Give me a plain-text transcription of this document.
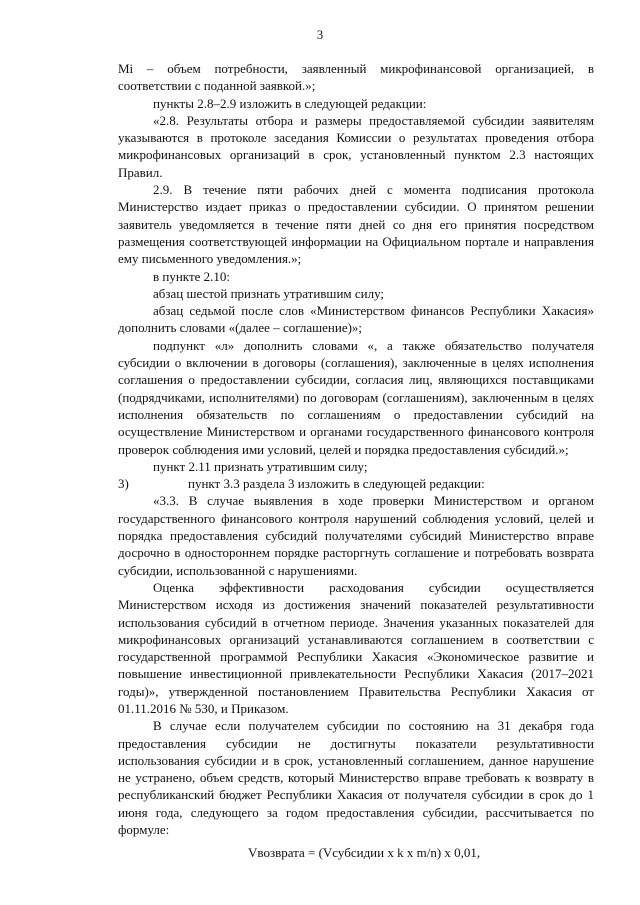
3

Mi – объем потребности, заявленный микрофинансовой организацией, в соответствии с поданной заявкой.»;

пункты 2.8–2.9 изложить в следующей редакции:

«2.8. Результаты отбора и размеры предоставляемой субсидии заявителям указываются в протоколе заседания Комиссии о результатах проведения отбора микрофинансовых организаций в срок, установленный пунктом 2.3 настоящих Правил.

2.9. В течение пяти рабочих дней с момента подписания протокола Министерство издает приказ о предоставлении субсидии. О принятом решении заявитель уведомляется в течение пяти дней со дня его принятия посредством размещения соответствующей информации на Официальном портале и направления ему письменного уведомления.»;

в пункте 2.10:

абзац шестой признать утратившим силу;

абзац седьмой после слов «Министерством финансов Республики Хакасия» дополнить словами «(далее – соглашение)»;

подпункт «л» дополнить словами «, а также обязательство получателя субсидии о включении в договоры (соглашения), заключенные в целях исполнения соглашения о предоставлении субсидии, согласия лиц, являющихся поставщиками (подрядчиками, исполнителями) по договорам (соглашениям), заключенным в целях исполнения обязательств по соглашениям о предоставлении субсидий на осуществление Министерством и органами государственного финансового контроля проверок соблюдения ими условий, целей и порядка предоставления субсидий.»;

пункт 2.11 признать утратившим силу;

3)	пункт 3.3 раздела 3 изложить в следующей редакции:

«3.3. В случае выявления в ходе проверки Министерством и органом государственного финансового контроля нарушений соблюдения условий, целей и порядка предоставления субсидий получателями субсидий Министерство вправе досрочно в одностороннем порядке расторгнуть соглашение и потребовать возврата субсидии, использованной с нарушениями.

Оценка эффективности расходования субсидии осуществляется Министерством исходя из достижения значений показателей результативности использования субсидий в отчетном периоде. Значения указанных показателей для микрофинансовых организаций устанавливаются соглашением в соответствии с государственной программой Республики Хакасия «Экономическое развитие и повышение инвестиционной привлекательности Республики Хакасия (2017–2021 годы)», утвержденной постановлением Правительства Республики Хакасия от 01.11.2016 № 530, и Приказом.

В случае если получателем субсидии по состоянию на 31 декабря года предоставления субсидии не достигнуты показатели результативности использования субсидии и в срок, установленный соглашением, данное нарушение не устранено, объем средств, который Министерство вправе требовать к возврату в республиканский бюджет Республики Хакасия от получателя субсидии в срок до 1 июня года, следующего за годом предоставления субсидии, рассчитывается по формуле:

Vвозврата = (Vсубсидии x k x m/n) x 0,01,
